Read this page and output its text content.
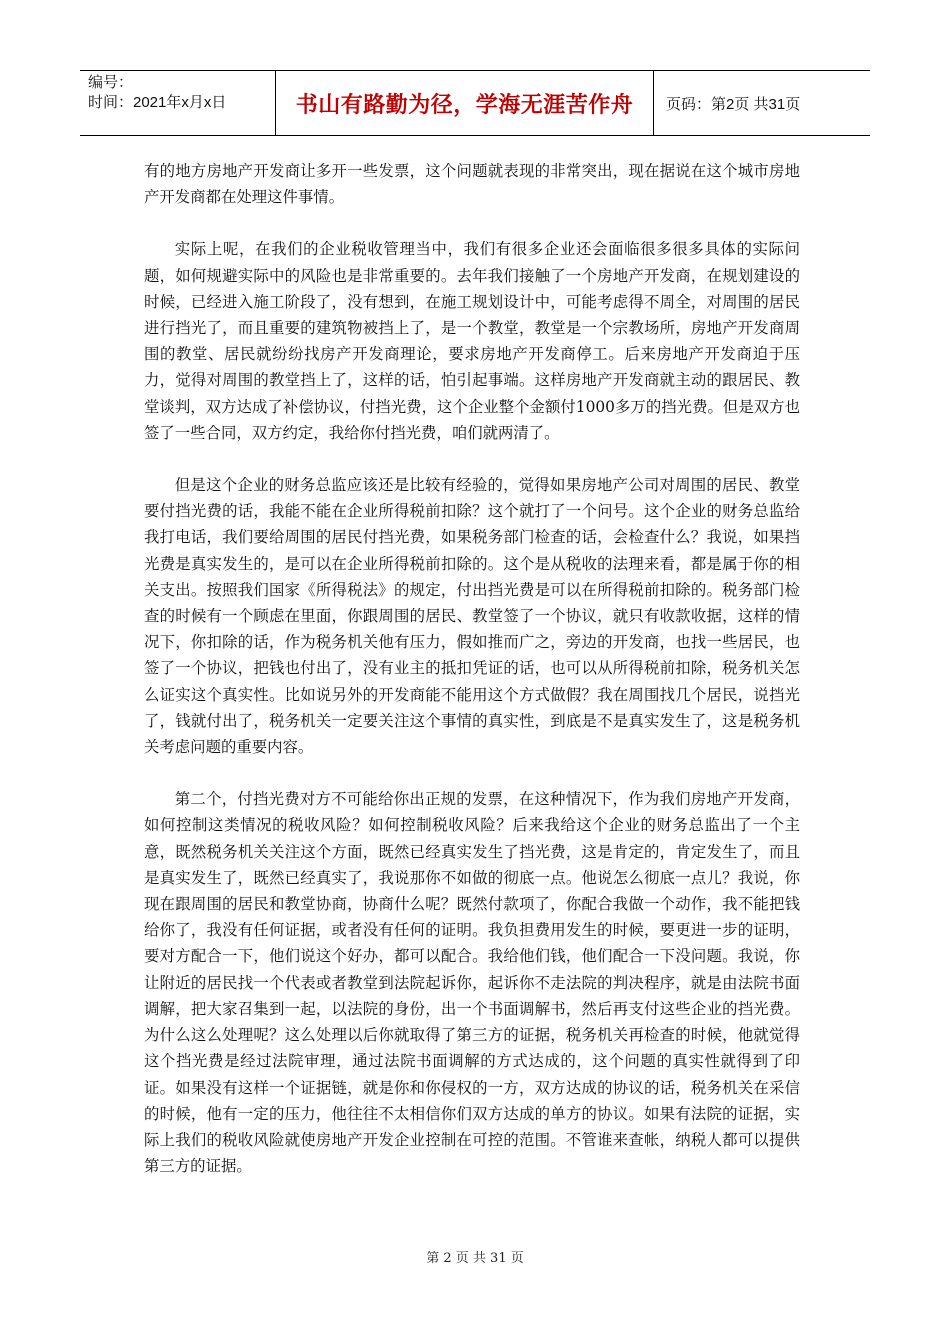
编号：
时间：2021年x月x日	书山有路勤为径，学海无涯苦作舟	页码：第2页 共31页

有的地方房地产开发商让多开一些发票，这个问题就表现的非常突出，现在据说在这个城市房地产开发商都在处理这件事情。

实际上呢，在我们的企业税收管理当中，我们有很多企业还会面临很多很多具体的实际问题，如何规避实际中的风险也是非常重要的。去年我们接触了一个房地产开发商，在规划建设的时候，已经进入施工阶段了，没有想到，在施工规划设计中，可能考虑得不周全，对周围的居民进行挡光了，而且重要的建筑物被挡上了，是一个教堂，教堂是一个宗教场所，房地产开发商周围的教堂、居民就纷纷找房产开发商理论，要求房地产开发商停工。后来房地产开发商迫于压力，觉得对周围的教堂挡上了，这样的话，怕引起事端。这样房地产开发商就主动的跟居民、教堂谈判，双方达成了补偿协议，付挡光费，这个企业整个金额付1000多万的挡光费。但是双方也签了一些合同，双方约定，我给你付挡光费，咱们就两清了。

但是这个企业的财务总监应该还是比较有经验的，觉得如果房地产公司对周围的居民、教堂要付挡光费的话，我能不能在企业所得税前扣除？这个就打了一个问号。这个企业的财务总监给我打电话，我们要给周围的居民付挡光费，如果税务部门检查的话，会检查什么？我说，如果挡光费是真实发生的，是可以在企业所得税前扣除的。这个是从税收的法理来看，都是属于你的相关支出。按照我们国家《所得税法》的规定，付出挡光费是可以在所得税前扣除的。税务部门检查的时候有一个顾虑在里面，你跟周围的居民、教堂签了一个协议，就只有收款收据，这样的情况下，你扣除的话，作为税务机关他有压力，假如推而广之，旁边的开发商，也找一些居民，也签了一个协议，把钱也付出了，没有业主的抵扣凭证的话，也可以从所得税前扣除，税务机关怎么证实这个真实性。比如说另外的开发商能不能用这个方式做假？我在周围找几个居民，说挡光了，钱就付出了，税务机关一定要关注这个事情的真实性，到底是不是真实发生了，这是税务机关考虑问题的重要内容。

第二个，付挡光费对方不可能给你出正规的发票，在这种情况下，作为我们房地产开发商，如何控制这类情况的税收风险？如何控制税收风险？后来我给这个企业的财务总监出了一个主意，既然税务机关关注这个方面，既然已经真实发生了挡光费，这是肯定的，肯定发生了，而且是真实发生了，既然已经真实了，我说那你不如做的彻底一点。他说怎么彻底一点儿？我说，你现在跟周围的居民和教堂协商，协商什么呢？既然付款项了，你配合我做一个动作，我不能把钱给你了，我没有任何证据，或者没有任何的证明。我负担费用发生的时候，要更进一步的证明，要对方配合一下，他们说这个好办，都可以配合。我给他们钱，他们配合一下没问题。我说，你让附近的居民找一个代表或者教堂到法院起诉你，起诉你不走法院的判决程序，就是由法院书面调解，把大家召集到一起，以法院的身份，出一个书面调解书，然后再支付这些企业的挡光费。为什么这么处理呢？这么处理以后你就取得了第三方的证据，税务机关再检查的时候，他就觉得这个挡光费是经过法院审理，通过法院书面调解的方式达成的，这个问题的真实性就得到了印证。如果没有这样一个证据链，就是你和你侵权的一方，双方达成的协议的话，税务机关在采信的时候，他有一定的压力，他往往不太相信你们双方达成的单方的协议。如果有法院的证据，实际上我们的税收风险就使房地产开发企业控制在可控的范围。不管谁来查帐，纳税人都可以提供第三方的证据。

第 2 页 共 31 页
